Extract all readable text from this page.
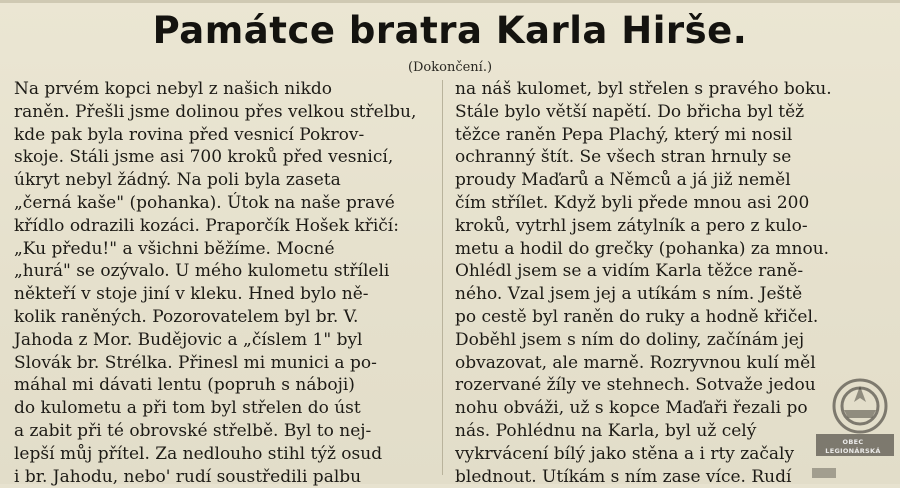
Památce bratra Karla Hirše.
(Dokončení.)
Na prvém kopci nebyl z našich nikdo
raněn. Přešli jsme dolinou přes velkou střelbu,
kde pak byla rovina před vesnicí Pokrov-
skoje. Stáli jsme asi 700 kroků před vesnicí,
úkryt nebyl žádný. Na poli byla zaseta
„černá kaše" (pohanka). Útok na naše pravé
křídlo odrazili kozáci. Praporčík Hošek křičí:
„Ku předu!" a všichni běžíme. Mocné
„hurá" se ozývalo. U mého kulometu stříleli
někteří v stoje jiní v kleku. Hned bylo ně-
kolik raněných. Pozorovatelem byl br. V.
Jahoda z Mor. Budějovic a „číslem 1" byl
Slovák br. Strélka. Přinesl mi munici a po-
máhal mi dávati lentu (popruh s náboji)
do kulometu a při tom byl střelen do úst
a zabit při té obrovské střelbě. Byl to nej-
lepší můj přítel. Za nedlouho stihl týž osud
i br. Jahodu, nebo' rudí soustředili palbu
na náš kulomet, byl střelen s pravého boku.
Stále bylo větší napětí. Do břicha byl těž
těžce raněn Pepa Plachý, který mi nosil
ochranný štít. Se všech stran hrnuly se
proudy Maďarů a Němců a já již neměl
čím střílet. Když byli přede mnou asi 200
kroků, vytrhl jsem zátylník a pero z kulo-
metu a hodil do grečky (pohanka) za mnou.
Ohlédl jsem se a vidím Karla těžce raně-
ného. Vzal jsem jej a utíkám s ním. Ještě
po cestě byl raněn do ruky a hodně křičel.
Doběhl jsem s ním do doliny, začínám jej
obvazovat, ale marně. Rozryvnou kulí měl
rozervané žíly ve stehnech. Sotvaže jedou
nohu obváži, už s kopce Maďaři řezali po
nás. Pohlédnu na Karla, byl už celý
vykrvácení bílý jako stěna a i rty začaly
blednout. Utíkám s ním zase více. Rudí
OBEC
LEGIONÁRSKÁ
